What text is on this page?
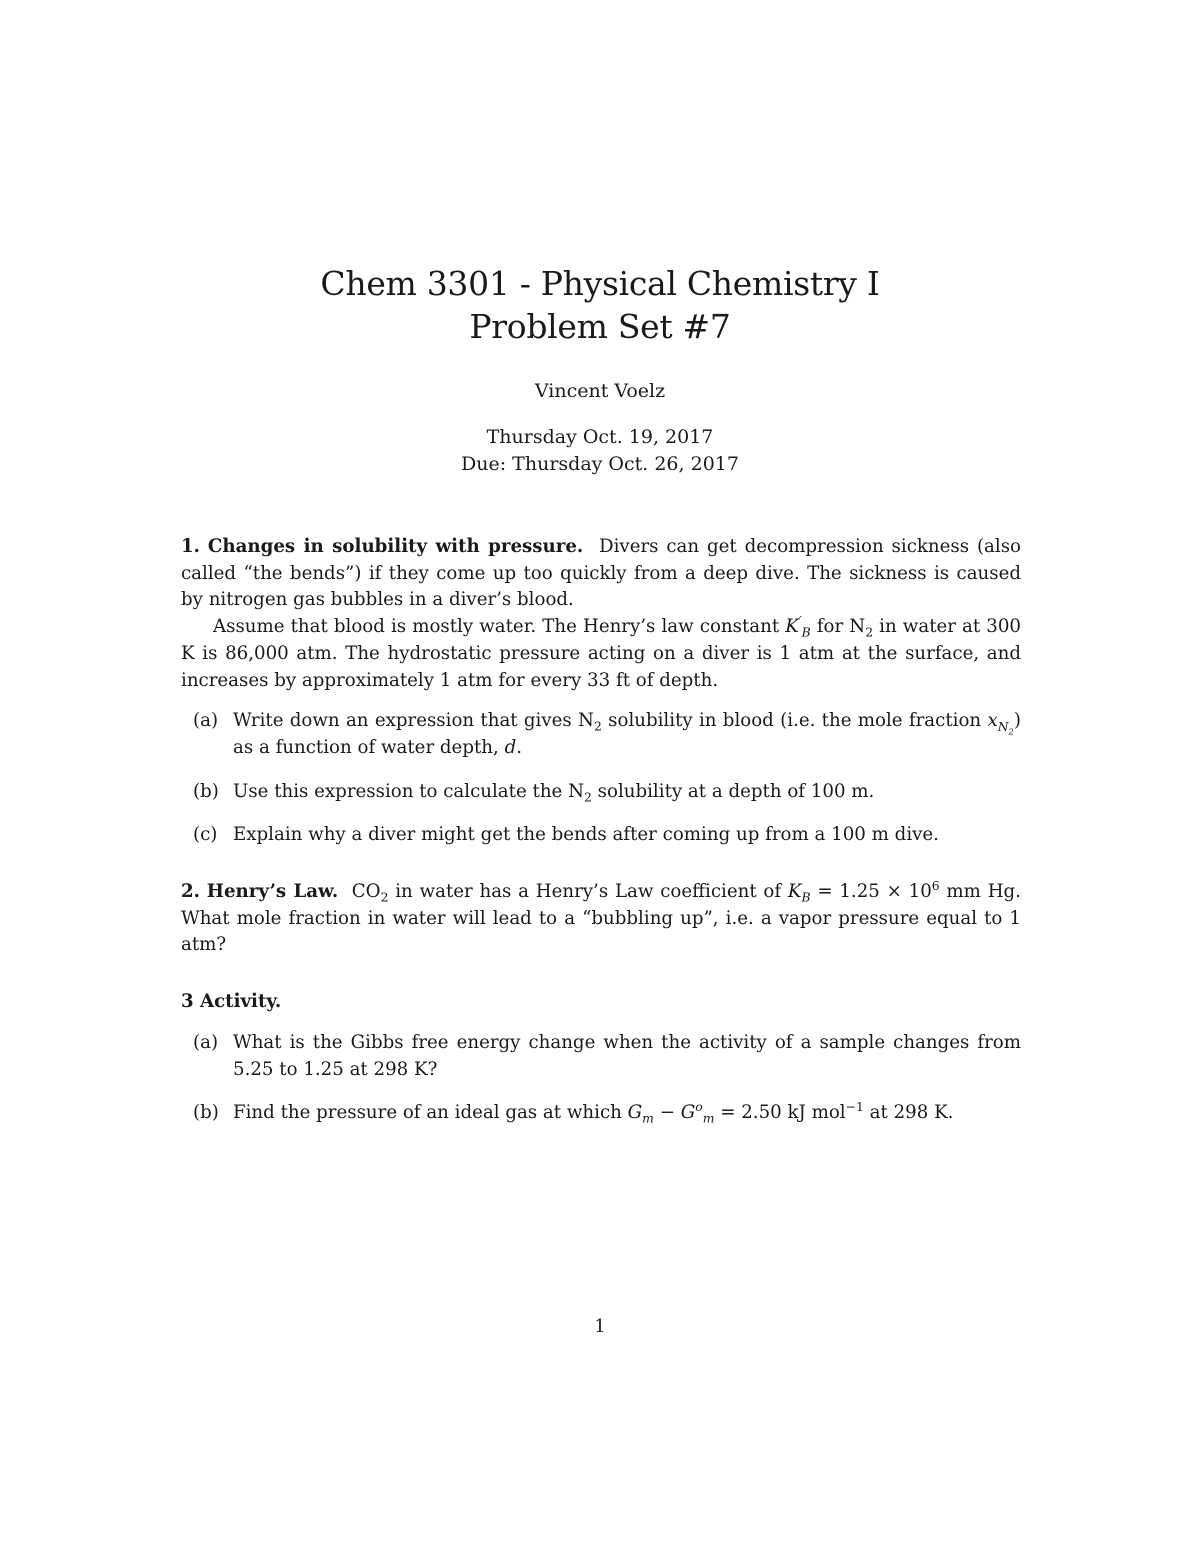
Chem 3301 - Physical Chemistry I
Problem Set #7
Vincent Voelz
Thursday Oct. 19, 2017
Due: Thursday Oct. 26, 2017

1. Changes in solubility with pressure. Divers can get decompression sickness (also called “the bends”) if they come up too quickly from a deep dive. The sickness is caused by nitrogen gas bubbles in a diver’s blood.

Assume that blood is mostly water. The Henry’s law constant $K'_B$ for $N_2$ in water at 300 K is 86,000 atm. The hydrostatic pressure acting on a diver is 1 atm at the surface, and increases by approximately 1 atm for every 33 ft of depth.

(a) Write down an expression that gives $N_2$ solubility in blood (i.e. the mole fraction $x_{N_2}$) as a function of water depth, d.
(b) Use this expression to calculate the $N_2$ solubility at a depth of 100 m.
(c) Explain why a diver might get the bends after coming up from a 100 m dive.

2. Henry’s Law. $CO_2$ in water has a Henry’s Law coefficient of $K_B = 1.25 \times 10^6$ mm Hg. What mole fraction in water will lead to a “bubbling up”, i.e. a vapor pressure equal to 1 atm?

3 Activity.

(a) What is the Gibbs free energy change when the activity of a sample changes from 5.25 to 1.25 at 298 K?
(b) Find the pressure of an ideal gas at which $G_m - G^o_m = 2.50$ kJ mol$^{-1}$ at 298 K.
1
